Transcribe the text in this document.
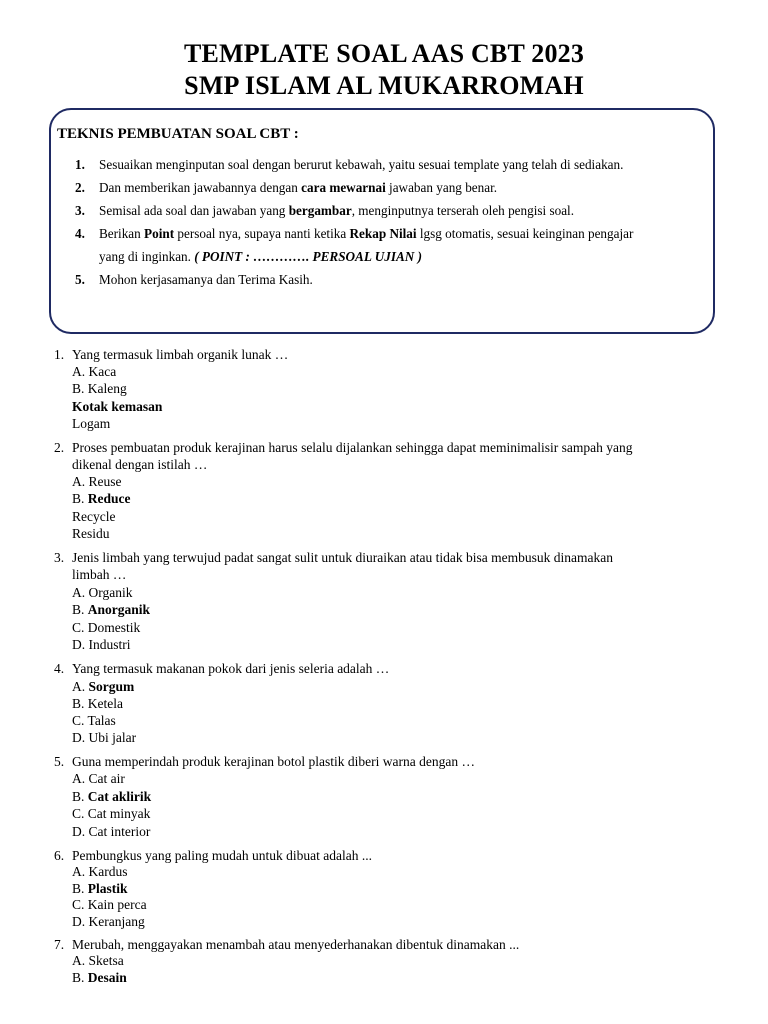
TEMPLATE SOAL AAS CBT 2023
SMP ISLAM AL MUKARROMAH
TEKNIS PEMBUATAN SOAL CBT :
1.	Sesuaikan menginputan soal dengan berurut kebawah, yaitu sesuai template yang telah di sediakan.
2.	Dan memberikan jawabannya dengan cara mewarnai jawaban yang benar.
3.	Semisal ada soal dan jawaban yang bergambar, menginputnya terserah oleh pengisi soal.
4.	Berikan Point persoal nya, supaya nanti ketika Rekap Nilai lgsg otomatis, sesuai keinginan pengajar
yang di inginkan. ( POINT : …………. PERSOAL UJIAN )
5.	Mohon kerjasamanya dan Terima Kasih.
1. Yang termasuk limbah organik lunak …
A. Kaca
B. Kaleng
Kotak kemasan
Logam
2. Proses pembuatan produk kerajinan harus selalu dijalankan sehingga dapat meminimalisir sampah yang
dikenal dengan istilah …
A. Reuse
B. Reduce
Recycle
Residu
3. Jenis limbah yang terwujud padat sangat sulit untuk diuraikan atau tidak bisa membusuk dinamakan
limbah …
A. Organik
B. Anorganik
C. Domestik
D. Industri
4. Yang termasuk makanan pokok dari jenis seleria adalah …
A. Sorgum
B. Ketela
C. Talas
D. Ubi jalar
5. Guna memperindah produk kerajinan botol plastik diberi warna dengan …
A. Cat air
B. Cat aklirik
C. Cat minyak
D. Cat interior
6. Pembungkus yang paling mudah untuk dibuat adalah ...
A. Kardus
B. Plastik
C. Kain perca
D. Keranjang
7. Merubah, menggayakan menambah atau menyederhanakan dibentuk dinamakan ...
A. Sketsa
B. Desain
